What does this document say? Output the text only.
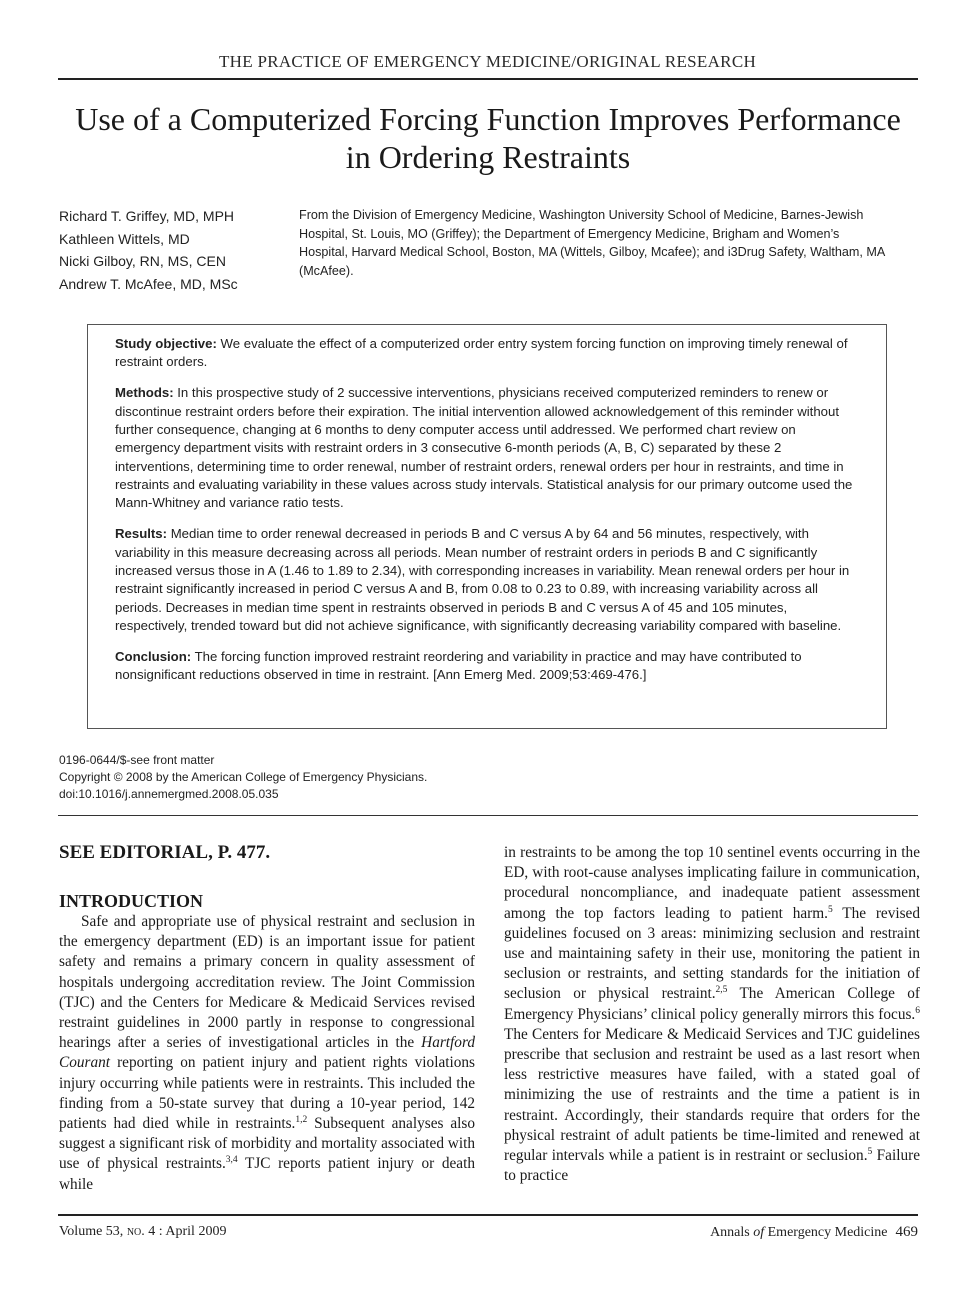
THE PRACTICE OF EMERGENCY MEDICINE/ORIGINAL RESEARCH
Use of a Computerized Forcing Function Improves Performance
in Ordering Restraints
Richard T. Griffey, MD, MPH
Kathleen Wittels, MD
Nicki Gilboy, RN, MS, CEN
Andrew T. McAfee, MD, MSc
From the Division of Emergency Medicine, Washington University School of Medicine, Barnes-Jewish Hospital, St. Louis, MO (Griffey); the Department of Emergency Medicine, Brigham and Women’s Hospital, Harvard Medical School, Boston, MA (Wittels, Gilboy, Mcafee); and i3Drug Safety, Waltham, MA (McAfee).

Study objective: We evaluate the effect of a computerized order entry system forcing function on improving timely renewal of restraint orders.

Methods: In this prospective study of 2 successive interventions, physicians received computerized reminders to renew or discontinue restraint orders before their expiration. The initial intervention allowed acknowledgement of this reminder without further consequence, changing at 6 months to deny computer access until addressed. We performed chart review on emergency department visits with restraint orders in 3 consecutive 6-month periods (A, B, C) separated by these 2 interventions, determining time to order renewal, number of restraint orders, renewal orders per hour in restraints, and time in restraints and evaluating variability in these values across study intervals. Statistical analysis for our primary outcome used the Mann-Whitney and variance ratio tests.

Results: Median time to order renewal decreased in periods B and C versus A by 64 and 56 minutes, respectively, with variability in this measure decreasing across all periods. Mean number of restraint orders in periods B and C significantly increased versus those in A (1.46 to 1.89 to 2.34), with corresponding increases in variability. Mean renewal orders per hour in restraint significantly increased in period C versus A and B, from 0.08 to 0.23 to 0.89, with increasing variability across all periods. Decreases in median time spent in restraints observed in periods B and C versus A of 45 and 105 minutes, respectively, trended toward but did not achieve significance, with significantly decreasing variability compared with baseline.

Conclusion: The forcing function improved restraint reordering and variability in practice and may have contributed to nonsignificant reductions observed in time in restraint. [Ann Emerg Med. 2009;53:469-476.]

0196-0644/$-see front matter
Copyright © 2008 by the American College of Emergency Physicians.
doi:10.1016/j.annemergmed.2008.05.035
SEE EDITORIAL, P. 477.
INTRODUCTION

Safe and appropriate use of physical restraint and seclusion in the emergency department (ED) is an important issue for patient safety and remains a primary concern in quality assessment of hospitals undergoing accreditation review. The Joint Commission (TJC) and the Centers for Medicare & Medicaid Services revised restraint guidelines in 2000 partly in response to congressional hearings after a series of investigational articles in the Hartford Courant reporting on patient injury and patient rights violations injury occurring while patients were in restraints. This included the finding from a 50-state survey that during a 10-year period, 142 patients had died while in restraints.$^{1,2}$ Subsequent analyses also suggest a significant risk of morbidity and mortality associated with use of physical restraints.$^{3,4}$ TJC reports patient injury or death while

in restraints to be among the top 10 sentinel events occurring in the ED, with root-cause analyses implicating failure in communication, procedural noncompliance, and inadequate patient assessment among the top factors leading to patient harm.$^5$ The revised guidelines focused on 3 areas: minimizing seclusion and restraint use and maintaining safety in their use, monitoring the patient in seclusion or restraints, and setting standards for the initiation of seclusion or physical restraint.$^{2,5}$ The American College of Emergency Physicians’ clinical policy generally mirrors this focus.$^6$ The Centers for Medicare & Medicaid Services and TJC guidelines prescribe that seclusion and restraint be used as a last resort when less restrictive measures have failed, with a stated goal of minimizing the use of restraints and the time a patient is in restraint. Accordingly, their standards require that orders for the physical restraint of adult patients be time-limited and renewed at regular intervals while a patient is in restraint or seclusion.$^5$ Failure to practice

Volume 53, no. 4 : April 2009	Annals of Emergency Medicine 469
